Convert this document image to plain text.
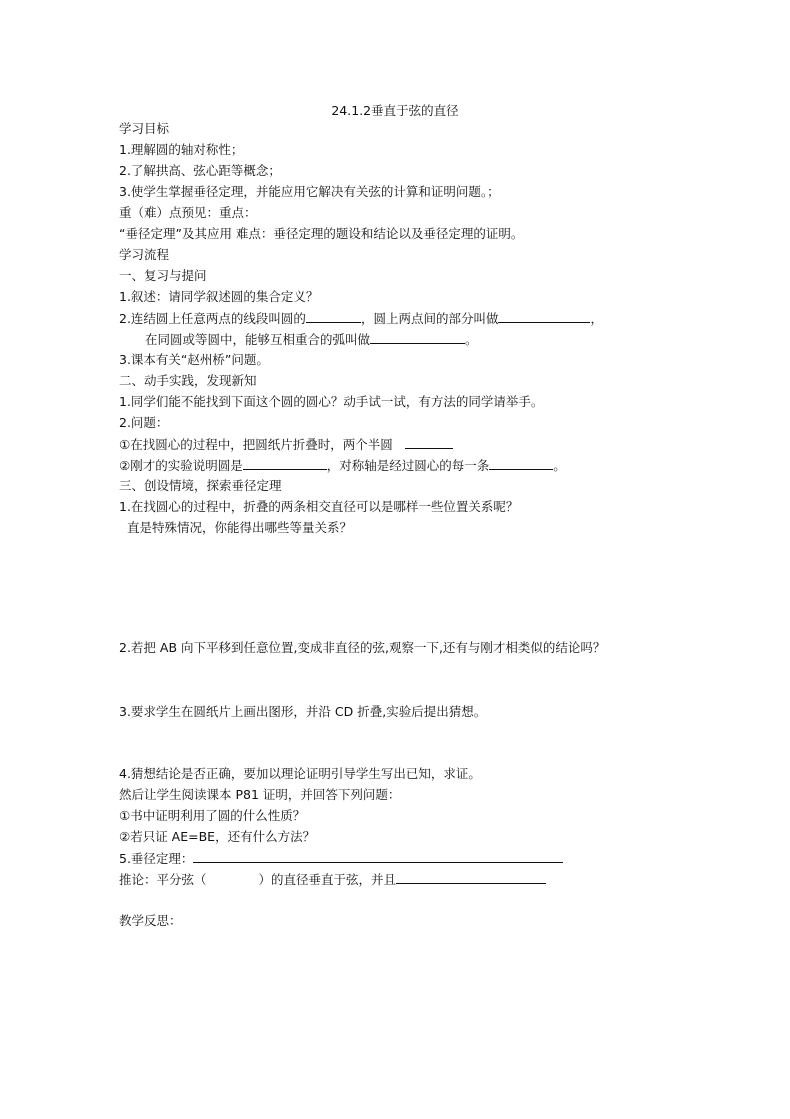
24.1.2垂直于弦的直径
学习目标
1.理解圆的轴对称性；
2.了解拱高、弦心距等概念；
3.使学生掌握垂径定理，并能应用它解决有关弦的计算和证明问题。；
重（难）点预见：重点：
“垂径定理”及其应用 难点：垂径定理的题设和结论以及垂径定理的证明。
学习流程
一、复习与提问
1.叙述：请同学叙述圆的集合定义？
2.连结圆上任意两点的线段叫圆的	，圆上两点间的部分叫做	，
在同圆或等圆中，能够互相重合的弧叫做	。
3.课本有关“赵州桥”问题。
二、动手实践，发现新知
1.同学们能不能找到下面这个圆的圆心？动手试一试，有方法的同学请举手。
2.问题：
①在找圆心的过程中，把圆纸片折叠时，两个半圆
②刚才的实验说明圆是	，对称轴是经过圆心的每一条	。
三、创设情境，探索垂径定理
1.在找圆心的过程中，折叠的两条相交直径可以是哪样一些位置关系呢？
直是特殊情况，你能得出哪些等量关系？
2.若把 AB 向下平移到任意位置,变成非直径的弦,观察一下,还有与刚才相类似的结论吗？
3.要求学生在圆纸片上画出图形，并沿 CD 折叠,实验后提出猜想。
4.猜想结论是否正确，要加以理论证明引导学生写出已知，求证。
然后让学生阅读课本 P81 证明，并回答下列问题：
①书中证明利用了圆的什么性质？
②若只证 AE=BE，还有什么方法？
5.垂径定理：
推论：平分弦（	）的直径垂直于弦，并且
教学反思：
